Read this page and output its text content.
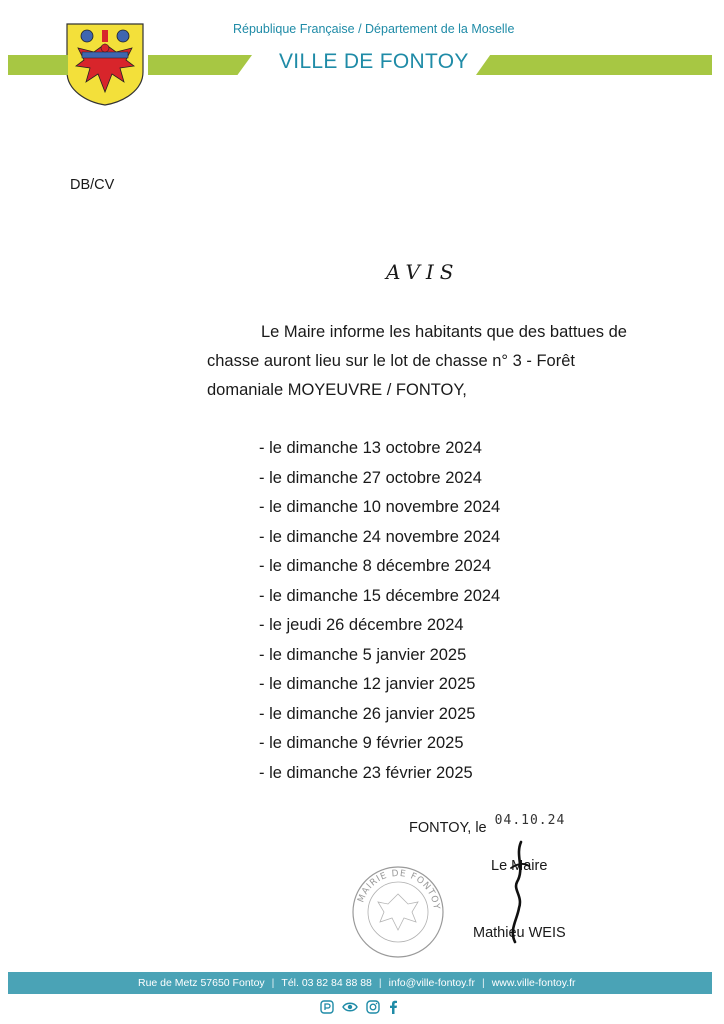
République Française / Département de la Moselle
VILLE DE FONTOY
DB/CV
AVIS

Le Maire informe les habitants que des battues de chasse auront lieu sur le lot de chasse n° 3 - Forêt domaniale MOYEUVRE / FONTOY,

- le dimanche 13 octobre 2024
- le dimanche 27 octobre 2024
- le dimanche 10 novembre 2024
- le dimanche 24 novembre 2024
- le dimanche 8 décembre 2024
- le dimanche 15 décembre 2024
- le jeudi 26 décembre 2024
- le dimanche 5 janvier 2025
- le dimanche 12 janvier 2025
- le dimanche 26 janvier 2025
- le dimanche 9 février 2025
- le dimanche 23 février 2025
MAIRIE DE FONTOY
FONTOY, le 04.10.24
Le Maire
Mathieu WEIS
Rue de Metz 57650 Fontoy | Tél. 03 82 84 88 88 | info@ville-fontoy.fr | www.ville-fontoy.fr
